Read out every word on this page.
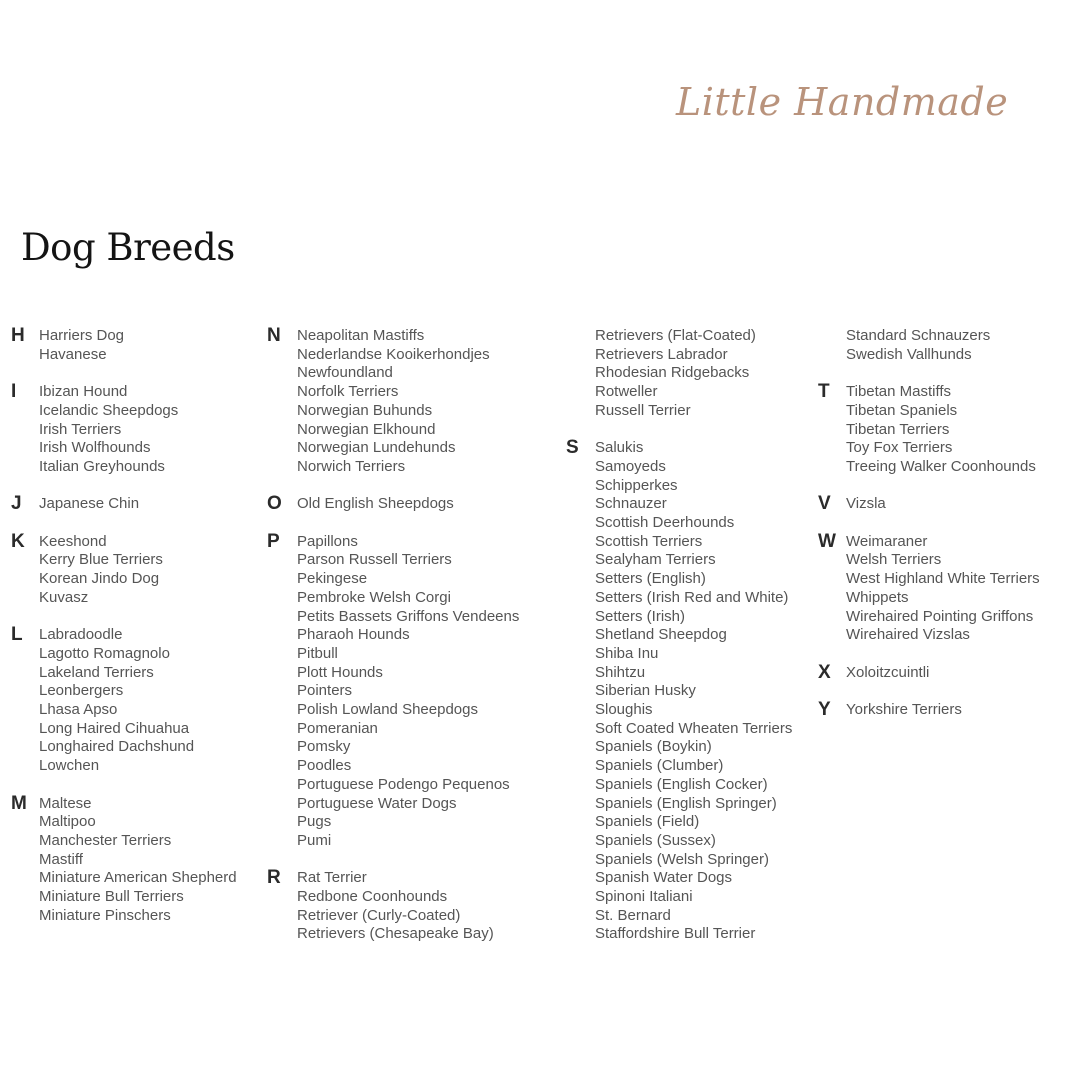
Little Handmade
Dog Breeds
H Harriers Dog
Havanese
I Ibizan Hound
Icelandic Sheepdogs
Irish Terriers
Irish Wolfhounds
Italian Greyhounds
J Japanese Chin
K Keeshond
Kerry Blue Terriers
Korean Jindo Dog
Kuvasz
L Labradoodle
Lagotto Romagnolo
Lakeland Terriers
Leonbergers
Lhasa Apso
Long Haired Cihuahua
Longhaired Dachshund
Lowchen
M Maltese
Maltipoo
Manchester Terriers
Mastiff
Miniature American Shepherd
Miniature Bull Terriers
Miniature Pinschers
N Neapolitan Mastiffs
Nederlandse Kooikerhondjes
Newfoundland
Norfolk Terriers
Norwegian Buhunds
Norwegian Elkhound
Norwegian Lundehunds
Norwich Terriers
O Old English Sheepdogs
P Papillons
Parson Russell Terriers
Pekingese
Pembroke Welsh Corgi
Petits Bassets Griffons Vendeens
Pharaoh Hounds
Pitbull
Plott Hounds
Pointers
Polish Lowland Sheepdogs
Pomeranian
Pomsky
Poodles
Portuguese Podengo Pequenos
Portuguese Water Dogs
Pugs
Pumi
R Rat Terrier
Redbone Coonhounds
Retriever (Curly-Coated)
Retrievers (Chesapeake Bay)
Retrievers (Flat-Coated)
Retrievers Labrador
Rhodesian Ridgebacks
Rotweller
Russell Terrier
S Salukis
Samoyeds
Schipperkes
Schnauzer
Scottish Deerhounds
Scottish Terriers
Sealyham Terriers
Setters (English)
Setters (Irish Red and White)
Setters (Irish)
Shetland Sheepdog
Shiba Inu
Shihtzu
Siberian Husky
Sloughis
Soft Coated Wheaten Terriers
Spaniels (Boykin)
Spaniels (Clumber)
Spaniels (English Cocker)
Spaniels (English Springer)
Spaniels (Field)
Spaniels (Sussex)
Spaniels (Welsh Springer)
Spanish Water Dogs
Spinoni Italiani
St. Bernard
Staffordshire Bull Terrier
Standard Schnauzers
Swedish Vallhunds
T Tibetan Mastiffs
Tibetan Spaniels
Tibetan Terriers
Toy Fox Terriers
Treeing Walker Coonhounds
V Vizsla
W Weimaraner
Welsh Terriers
West Highland White Terriers
Whippets
Wirehaired Pointing Griffons
Wirehaired Vizslas
X Xoloitzcuintli
Y Yorkshire Terriers
